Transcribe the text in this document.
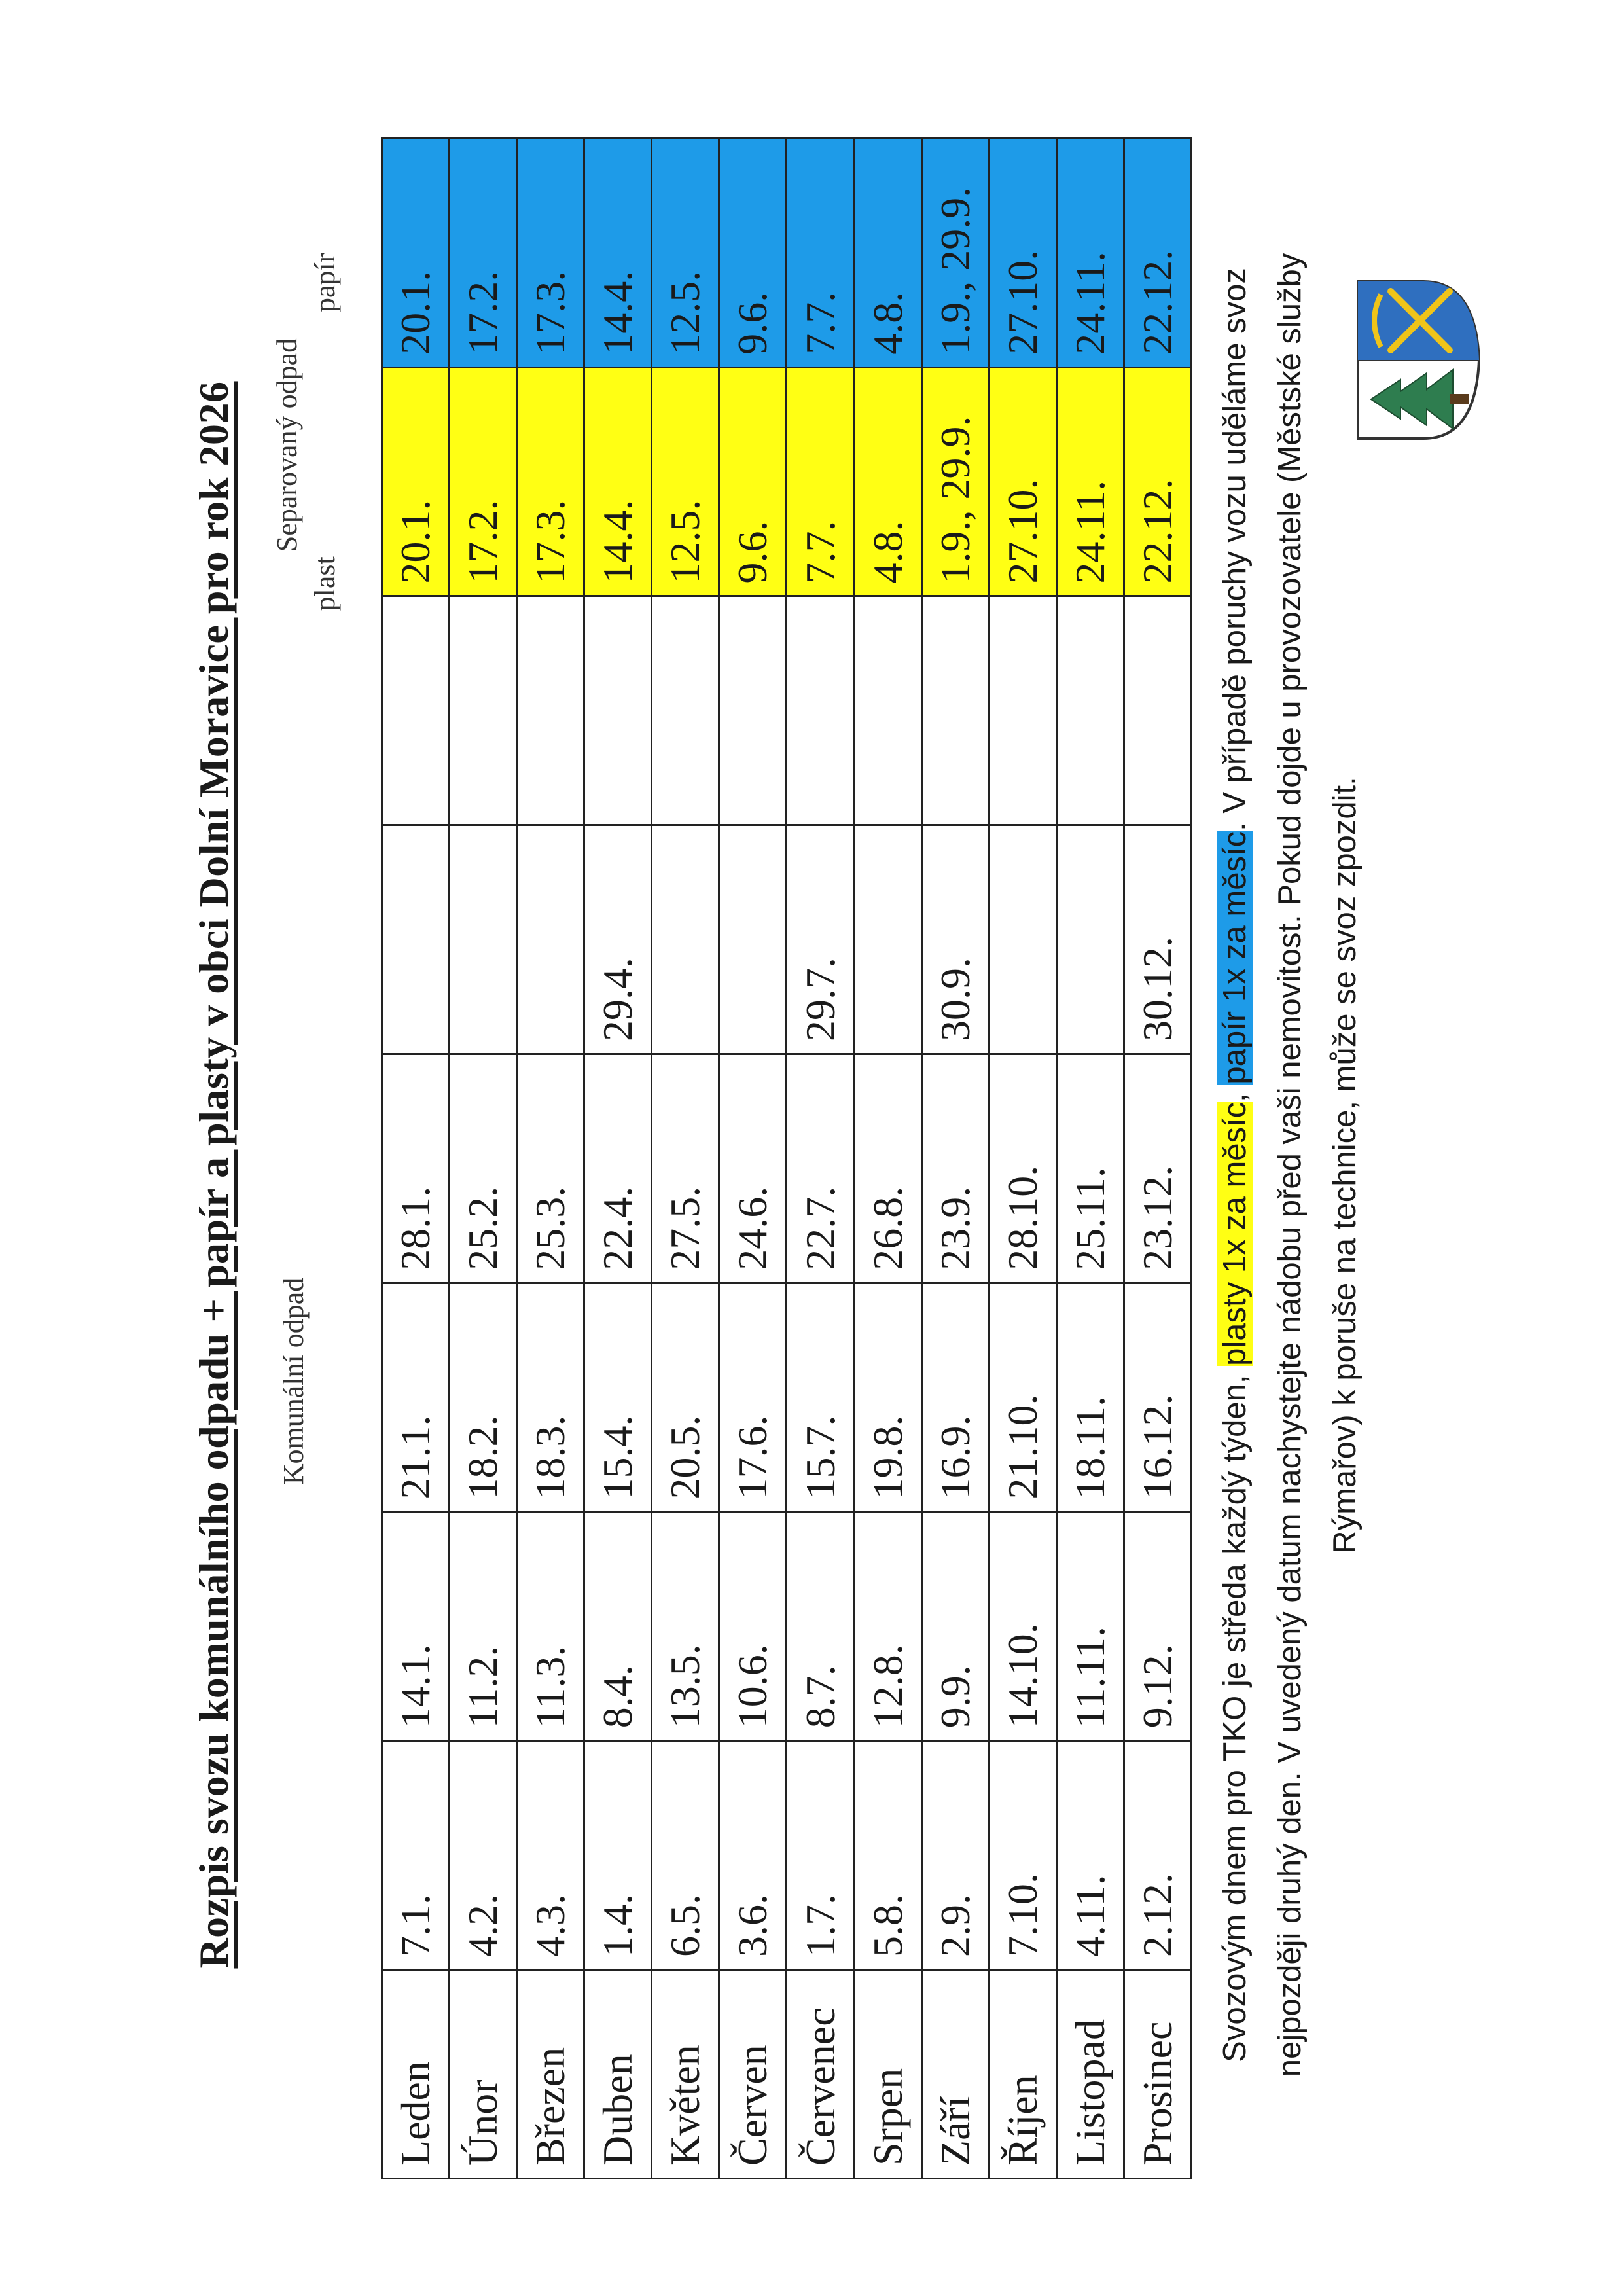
Rozpis svozu komunálního odpadu + papír a plasty v obci Dolní Moravice pro rok 2026 Komunální odpad
Separovaný odpad
plast
papír
Leden	7.1.	14.1.	21.1.	28.1.			20.1.	20.1.
Únor	4.2.	11.2.	18.2.	25.2.			17.2.	17.2.
Březen	4.3.	11.3.	18.3.	25.3.			17.3.	17.3.
Duben	1.4.	8.4.	15.4.	22.4.	29.4.		14.4.	14.4.
Květen	6.5.	13.5.	20.5.	27.5.			12.5.	12.5.
Červen	3.6.	10.6.	17.6.	24.6.			9.6.	9.6.
Červenec	1.7.	8.7.	15.7.	22.7.	29.7.		7.7.	7.7.
Srpen	5.8.	12.8.	19.8.	26.8.			4.8.	4.8.
Září	2.9.	9.9.	16.9.	23.9.	30.9.		1.9., 29.9.	1.9., 29.9.
Říjen	7.10.	14.10.	21.10.	28.10.			27.10.	27.10.
Listopad	4.11.	11.11.	18.11.	25.11.			24.11.	24.11.
Prosinec	2.12.	9.12.	16.12.	23.12.	30.12.		22.12.	22.12.
Svozovým dnem pro TKO je středa každý týden, plasty 1x za měsíc, papír 1x za měsíc. V případě poruchy vozu uděláme svoz nejpozději druhý den. V uvedený datum nachystejte nádobu před vaši nemovitost. Pokud dojde u provozovatele (Městské služby Rýmařov) k poruše na technice, může se svoz zpozdit.
